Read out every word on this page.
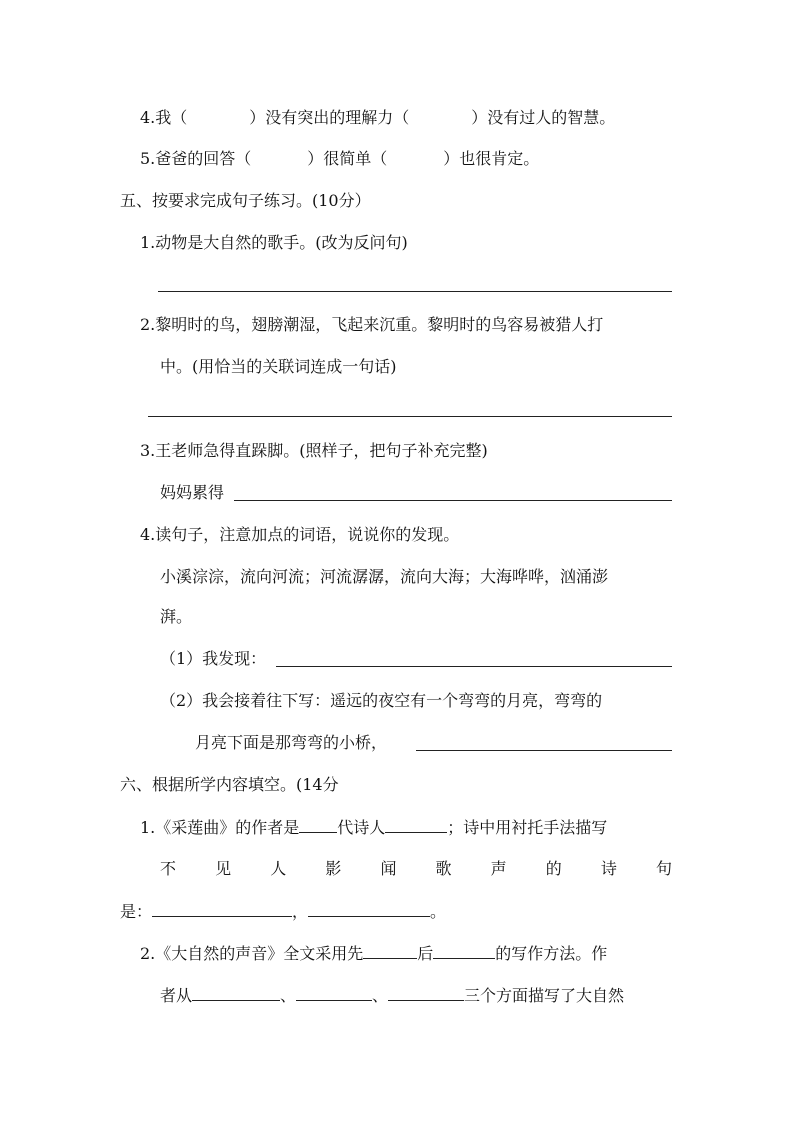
4.我（	）没有突出的理解力（	）没有过人的智慧。
5.爸爸的回答（	）很简单（	）也很肯定。
五、按要求完成句子练习。(10分）
1.动物是大自然的歌手。(改为反问句)
2.黎明时的鸟，翅膀潮湿，飞起来沉重。黎明时的鸟容易被猎人打
中。(用恰当的关联词连成一句话)
3.王老师急得直跺脚。(照样子，把句子补充完整)
妈妈累得
4.读句子，注意加点的词语，说说你的发现。
小溪淙淙，流向河流；河流潺潺，流向大海；大海哗哗，汹涌澎
湃。
（1）我发现：
（2）我会接着往下写：遥远的夜空有一个弯弯的月亮，弯弯的
月亮下面是那弯弯的小桥，
六、根据所学内容填空。(14分
1.《采莲曲》的作者是 代诗人	；诗中用衬托手法描写
不 见 人 影 闻 歌 声 的 诗 句
是：	，	。
2.《大自然的声音》全文采用先	后	的写作方法。作
者从	、	、	三个方面描写了大自然
